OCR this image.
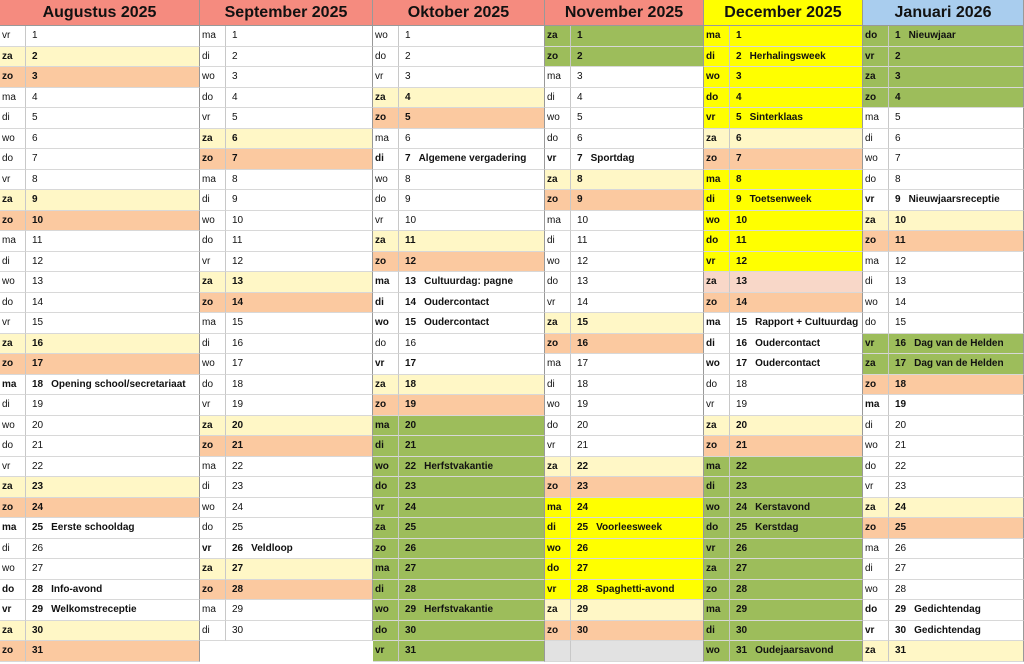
Augustus 2025
vr	1
za	2
zo	3
ma	4
di	5
wo	6
do	7
vr	8
za	9
zo	10
ma	11
di	12
wo	13
do	14
vr	15
za	16
zo	17
ma	18 Opening school/secretariaat
di	19
wo	20
do	21
vr	22
za	23
zo	24
ma	25 Eerste schooldag
di	26
wo	27
do	28 Info-avond
vr	29 Welkomstreceptie
za	30
zo	31
September 2025
ma	1
di	2
wo	3
do	4
vr	5
za	6
zo	7
ma	8
di	9
wo	10
do	11
vr	12
za	13
zo	14
ma	15
di	16
wo	17
do	18
vr	19
za	20
zo	21
ma	22
di	23
wo	24
do	25
vr	26 Veldloop
za	27
zo	28
ma	29
di	30
Oktober 2025
wo	1
do	2
vr	3
za	4
zo	5
ma	6
di	7 Algemene vergadering
wo	8
do	9
vr	10
za	11
zo	12
ma	13 Cultuurdag: pagne
di	14 Oudercontact
wo	15 Oudercontact
do	16
vr	17
za	18
zo	19
ma	20
di	21
wo	22 Herfstvakantie
do	23
vr	24
za	25
zo	26
ma	27
di	28
wo	29 Herfstvakantie
do	30
vr	31
November 2025
za	1
zo	2
ma	3
di	4
wo	5
do	6
vr	7 Sportdag
za	8
zo	9
ma	10
di	11
wo	12
do	13
vr	14
za	15
zo	16
ma	17
di	18
wo	19
do	20
vr	21
za	22
zo	23
ma	24
di	25 Voorleesweek
wo	26
do	27
vr	28 Spaghetti-avond
za	29
zo	30
December 2025
ma	1
di	2 Herhalingsweek
wo	3
do	4
vr	5 Sinterklaas
za	6
zo	7
ma	8
di	9 Toetsenweek
wo	10
do	11
vr	12
za	13
zo	14
ma	15 Rapport + Cultuurdag
di	16 Oudercontact
wo	17 Oudercontact
do	18
vr	19
za	20
zo	21
ma	22
di	23
wo	24 Kerstavond
do	25 Kerstdag
vr	26
za	27
zo	28
ma	29
di	30
wo	31 Oudejaarsavond
Januari 2026
do	1 Nieuwjaar
vr	2
za	3
zo	4
ma	5
di	6
wo	7
do	8
vr	9 Nieuwjaarsreceptie
za	10
zo	11
ma	12
di	13
wo	14
do	15
vr	16 Dag van de Helden
za	17 Dag van de Helden
zo	18
ma	19
di	20
wo	21
do	22
vr	23
za	24
zo	25
ma	26
di	27
wo	28
do	29 Gedichtendag
vr	30 Gedichtendag
za	31
